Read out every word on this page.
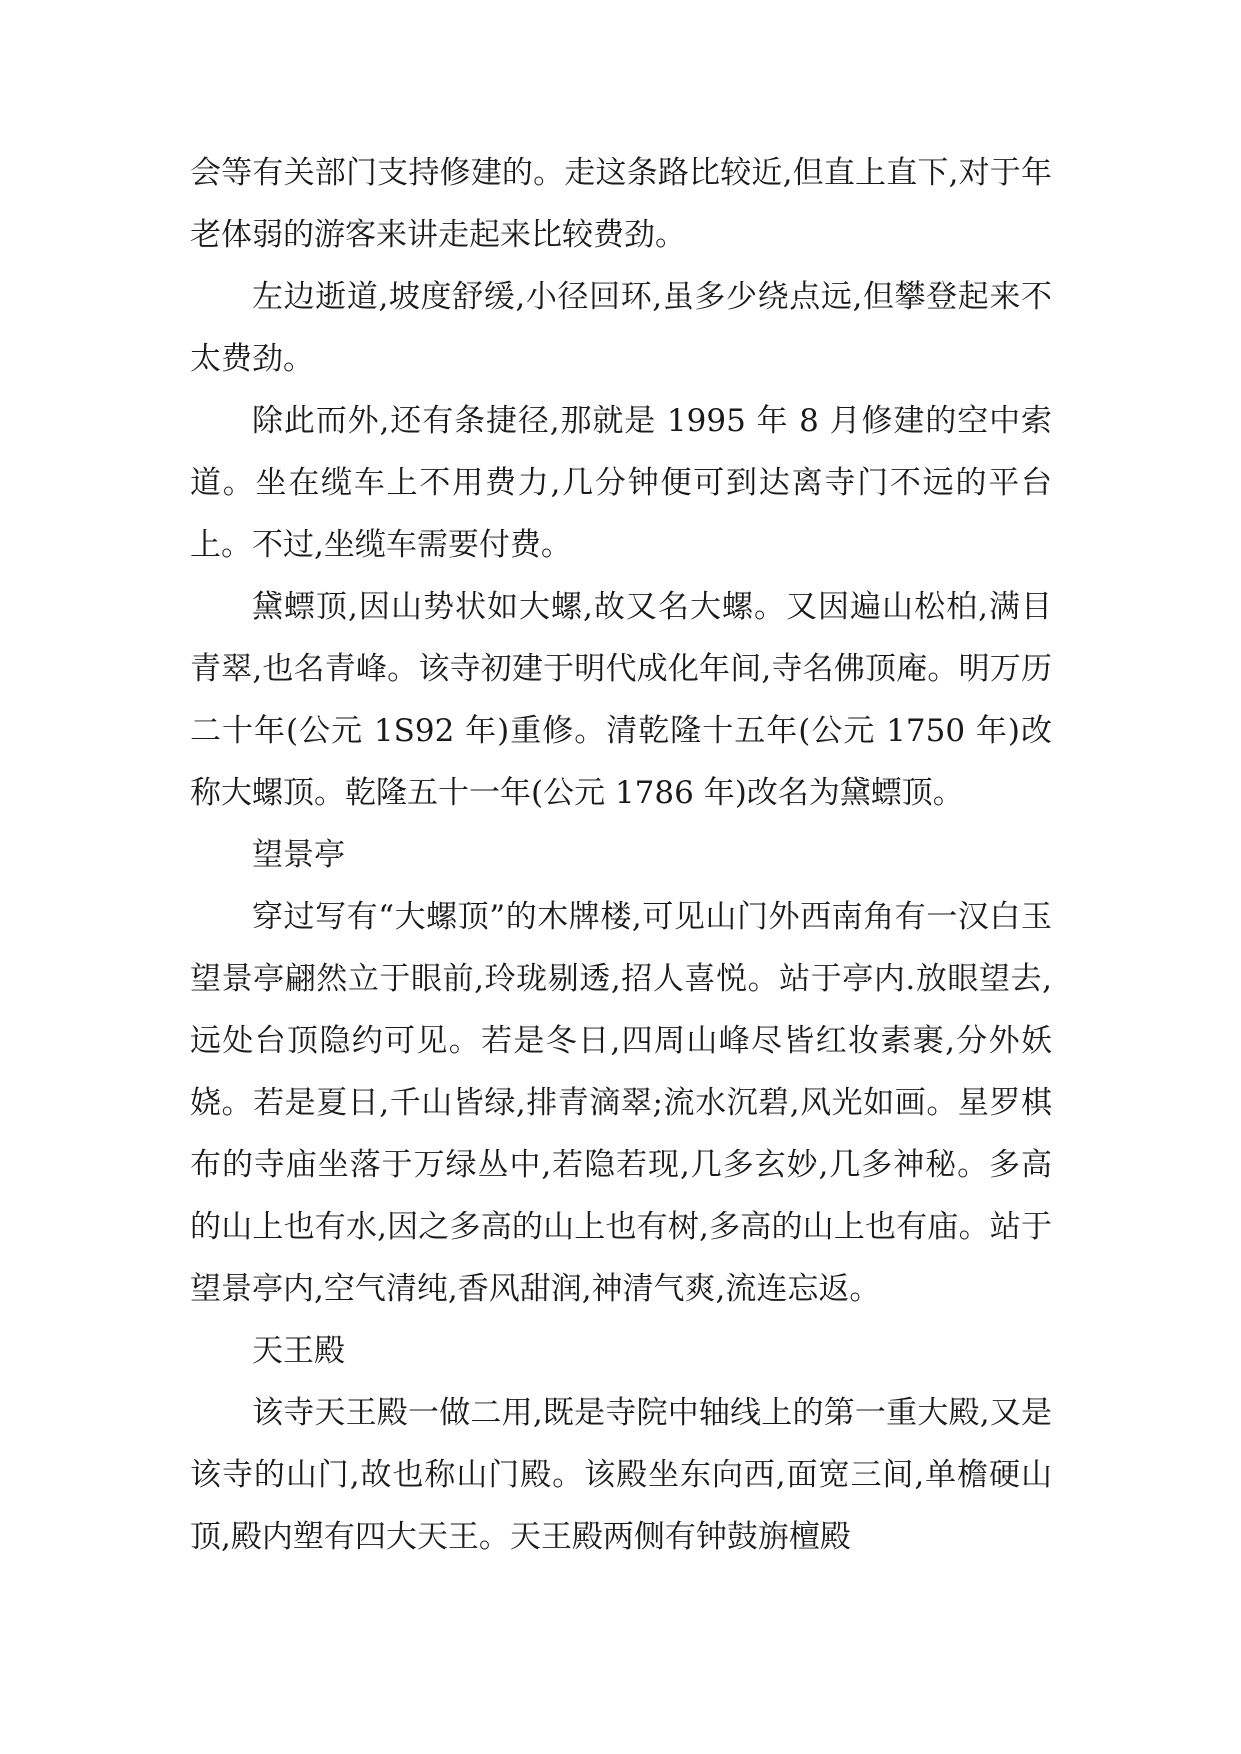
会等有关部门支持修建的。走这条路比较近,但直上直下,对于年老体弱的游客来讲走起来比较费劲。

左边逝道,坡度舒缓,小径回环,虽多少绕点远,但攀登起来不太费劲。

除此而外,还有条捷径,那就是 1995 年 8 月修建的空中索道。坐在缆车上不用费力,几分钟便可到达离寺门不远的平台上。不过,坐缆车需要付费。

黛螵顶,因山势状如大螺,故又名大螺。又因遍山松柏,满目青翠,也名青峰。该寺初建于明代成化年间,寺名佛顶庵。明万历二十年(公元 1S92 年)重修。清乾隆十五年(公元 1750 年)改称大螺顶。乾隆五十一年(公元 1786 年)改名为黛螵顶。

望景亭

穿过写有“大螺顶”的木牌楼,可见山门外西南角有一汉白玉望景亭翩然立于眼前,玲珑剔透,招人喜悦。站于亭内.放眼望去,远处台顶隐约可见。若是冬日,四周山峰尽皆红妆素裹,分外妖娆。若是夏日,千山皆绿,排青滴翠;流水沉碧,风光如画。星罗棋布的寺庙坐落于万绿丛中,若隐若现,几多玄妙,几多神秘。多高的山上也有水,因之多高的山上也有树,多高的山上也有庙。站于望景亭内,空气清纯,香风甜润,神清气爽,流连忘返。

天王殿

该寺天王殿一做二用,既是寺院中轴线上的第一重大殿,又是该寺的山门,故也称山门殿。该殿坐东向西,面宽三间,单檐硬山顶,殿内塑有四大天王。天王殿两侧有钟鼓旃檀殿
